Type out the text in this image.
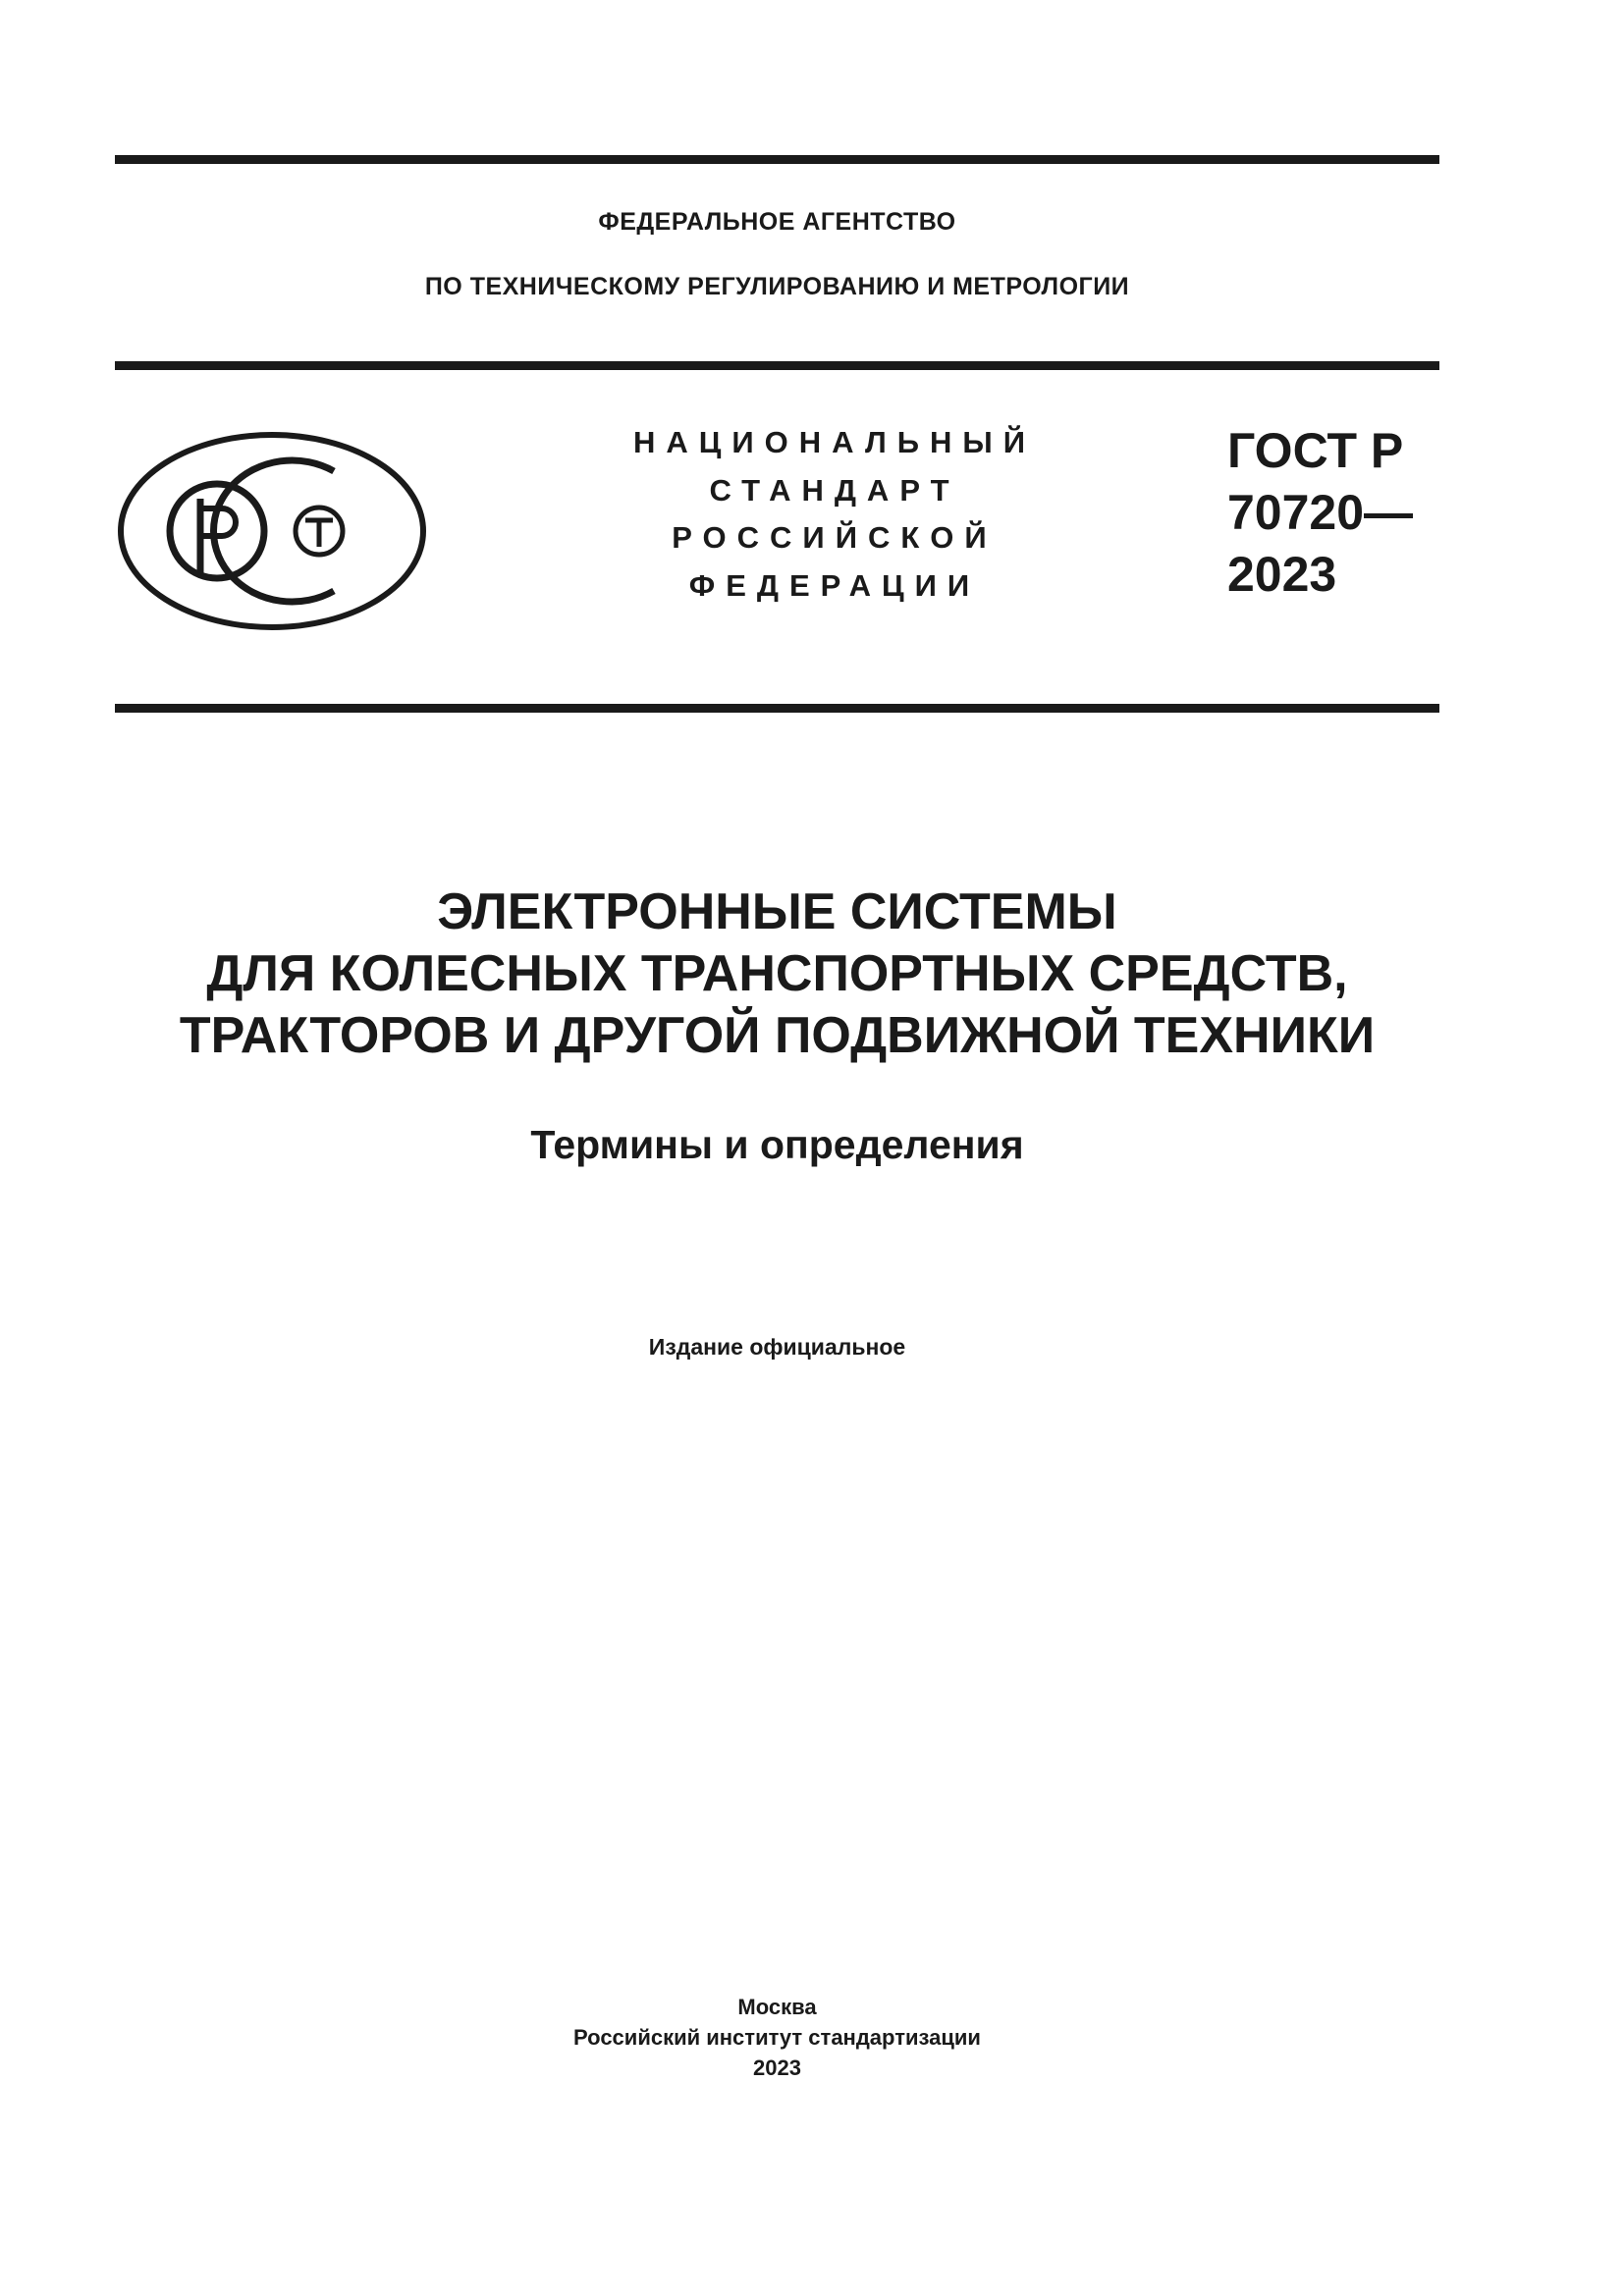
ФЕДЕРАЛЬНОЕ АГЕНТСТВО
ПО ТЕХНИЧЕСКОМУ РЕГУЛИРОВАНИЮ И МЕТРОЛОГИИ
НАЦИОНАЛЬНЫЙ
СТАНДАРТ
РОССИЙСКОЙ
ФЕДЕРАЦИИ
ГОСТ Р
70720—
2023
ЭЛЕКТРОННЫЕ СИСТЕМЫ
ДЛЯ КОЛЕСНЫХ ТРАНСПОРТНЫХ СРЕДСТВ,
ТРАКТОРОВ И ДРУГОЙ ПОДВИЖНОЙ ТЕХНИКИ
Термины и определения
Издание официальное
Москва
Российский институт стандартизации
2023
